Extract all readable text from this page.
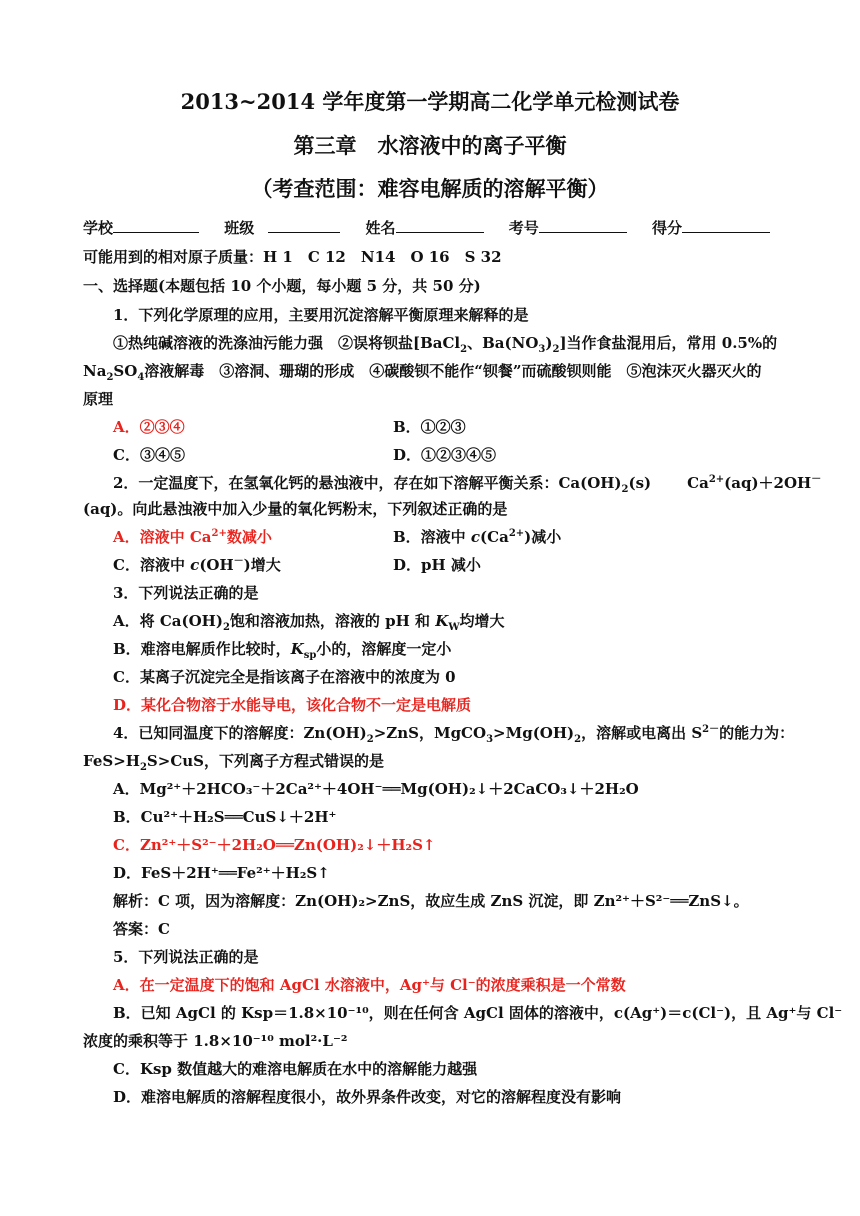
2013~2014 学年度第一学期高二化学单元检测试卷
第三章　水溶液中的离子平衡
（考查范围：难容电解质的溶解平衡）
学校	班级	姓名	考号	得分
可能用到的相对原子质量：H 1　C 12　N14　O 16　S 32
一、选择题(本题包括 10 个小题，每小题 5 分，共 50 分)
1．下列化学原理的应用，主要用沉淀溶解平衡原理来解释的是
①热纯碱溶液的洗涤油污能力强　②误将钡盐[BaCl$_2$、$Ba(NO_3)_2$]当作食盐混用后，常用 0.5%的
$Na_2SO_4$溶液解毒　③溶洞、珊瑚的形成　④碳酸钡不能作“钡餐”而硫酸钡则能　⑤泡沫灭火器灭火的
原理
A．②③④	B．①②③
C．③④⑤	D．①②③④⑤
2．一定温度下，在氢氧化钙的悬浊液中，存在如下溶解平衡关系：$Ca(OH)_2(s)$ $Ca^{2+}(aq)+2OH^-$
(aq)。向此悬浊液中加入少量的氧化钙粉末，下列叙述正确的是
A．溶液中 $Ca^{2+}$数减小	B．溶液中 $c(Ca^{2+})$减小
C．溶液中 c(OH－)增大	D．pH 减小
3．下列说法正确的是
A．将 $Ca(OH)_2$饱和溶液加热，溶液的 pH 和 $K_W$均增大
B．难溶电解质作比较时，$K_{sp}$小的，溶解度一定小
C．某离子沉淀完全是指该离子在溶液中的浓度为 0
D．某化合物溶于水能导电，该化合物不一定是电解质
4．已知同温度下的溶解度：$Zn(OH)_2>ZnS$，$MgCO_3>Mg(OH)_2$，溶解或电离出 $S^{2-}$的能力为：
$FeS>H_2S>CuS$，下列离子方程式错误的是
A．Mg²⁺＋2HCO₃⁻＋2Ca²⁺＋4OH⁻══Mg(OH)₂↓＋2CaCO₃↓＋2H₂O
B．Cu²⁺＋H₂S══CuS↓＋2H⁺
C．Zn²⁺＋S²⁻＋2H₂O══Zn(OH)₂↓＋H₂S↑
D．FeS＋2H⁺══Fe²⁺＋H₂S↑
解析：C 项，因为溶解度：Zn(OH)₂>ZnS，故应生成 ZnS 沉淀，即 Zn²⁺＋S²⁻══ZnS↓。
答案：C
5．下列说法正确的是
A．在一定温度下的饱和 AgCl 水溶液中，Ag⁺与 Cl⁻的浓度乘积是一个常数
B．已知 AgCl 的 Ksp＝1.8×10⁻¹⁰，则在任何含 AgCl 固体的溶液中，c(Ag⁺)＝c(Cl⁻)，且 Ag⁺与 Cl⁻
浓度的乘积等于 1.8×10⁻¹⁰ mol²·L⁻²
C．Ksp 数值越大的难溶电解质在水中的溶解能力越强
D．难溶电解质的溶解程度很小，故外界条件改变，对它的溶解程度没有影响
